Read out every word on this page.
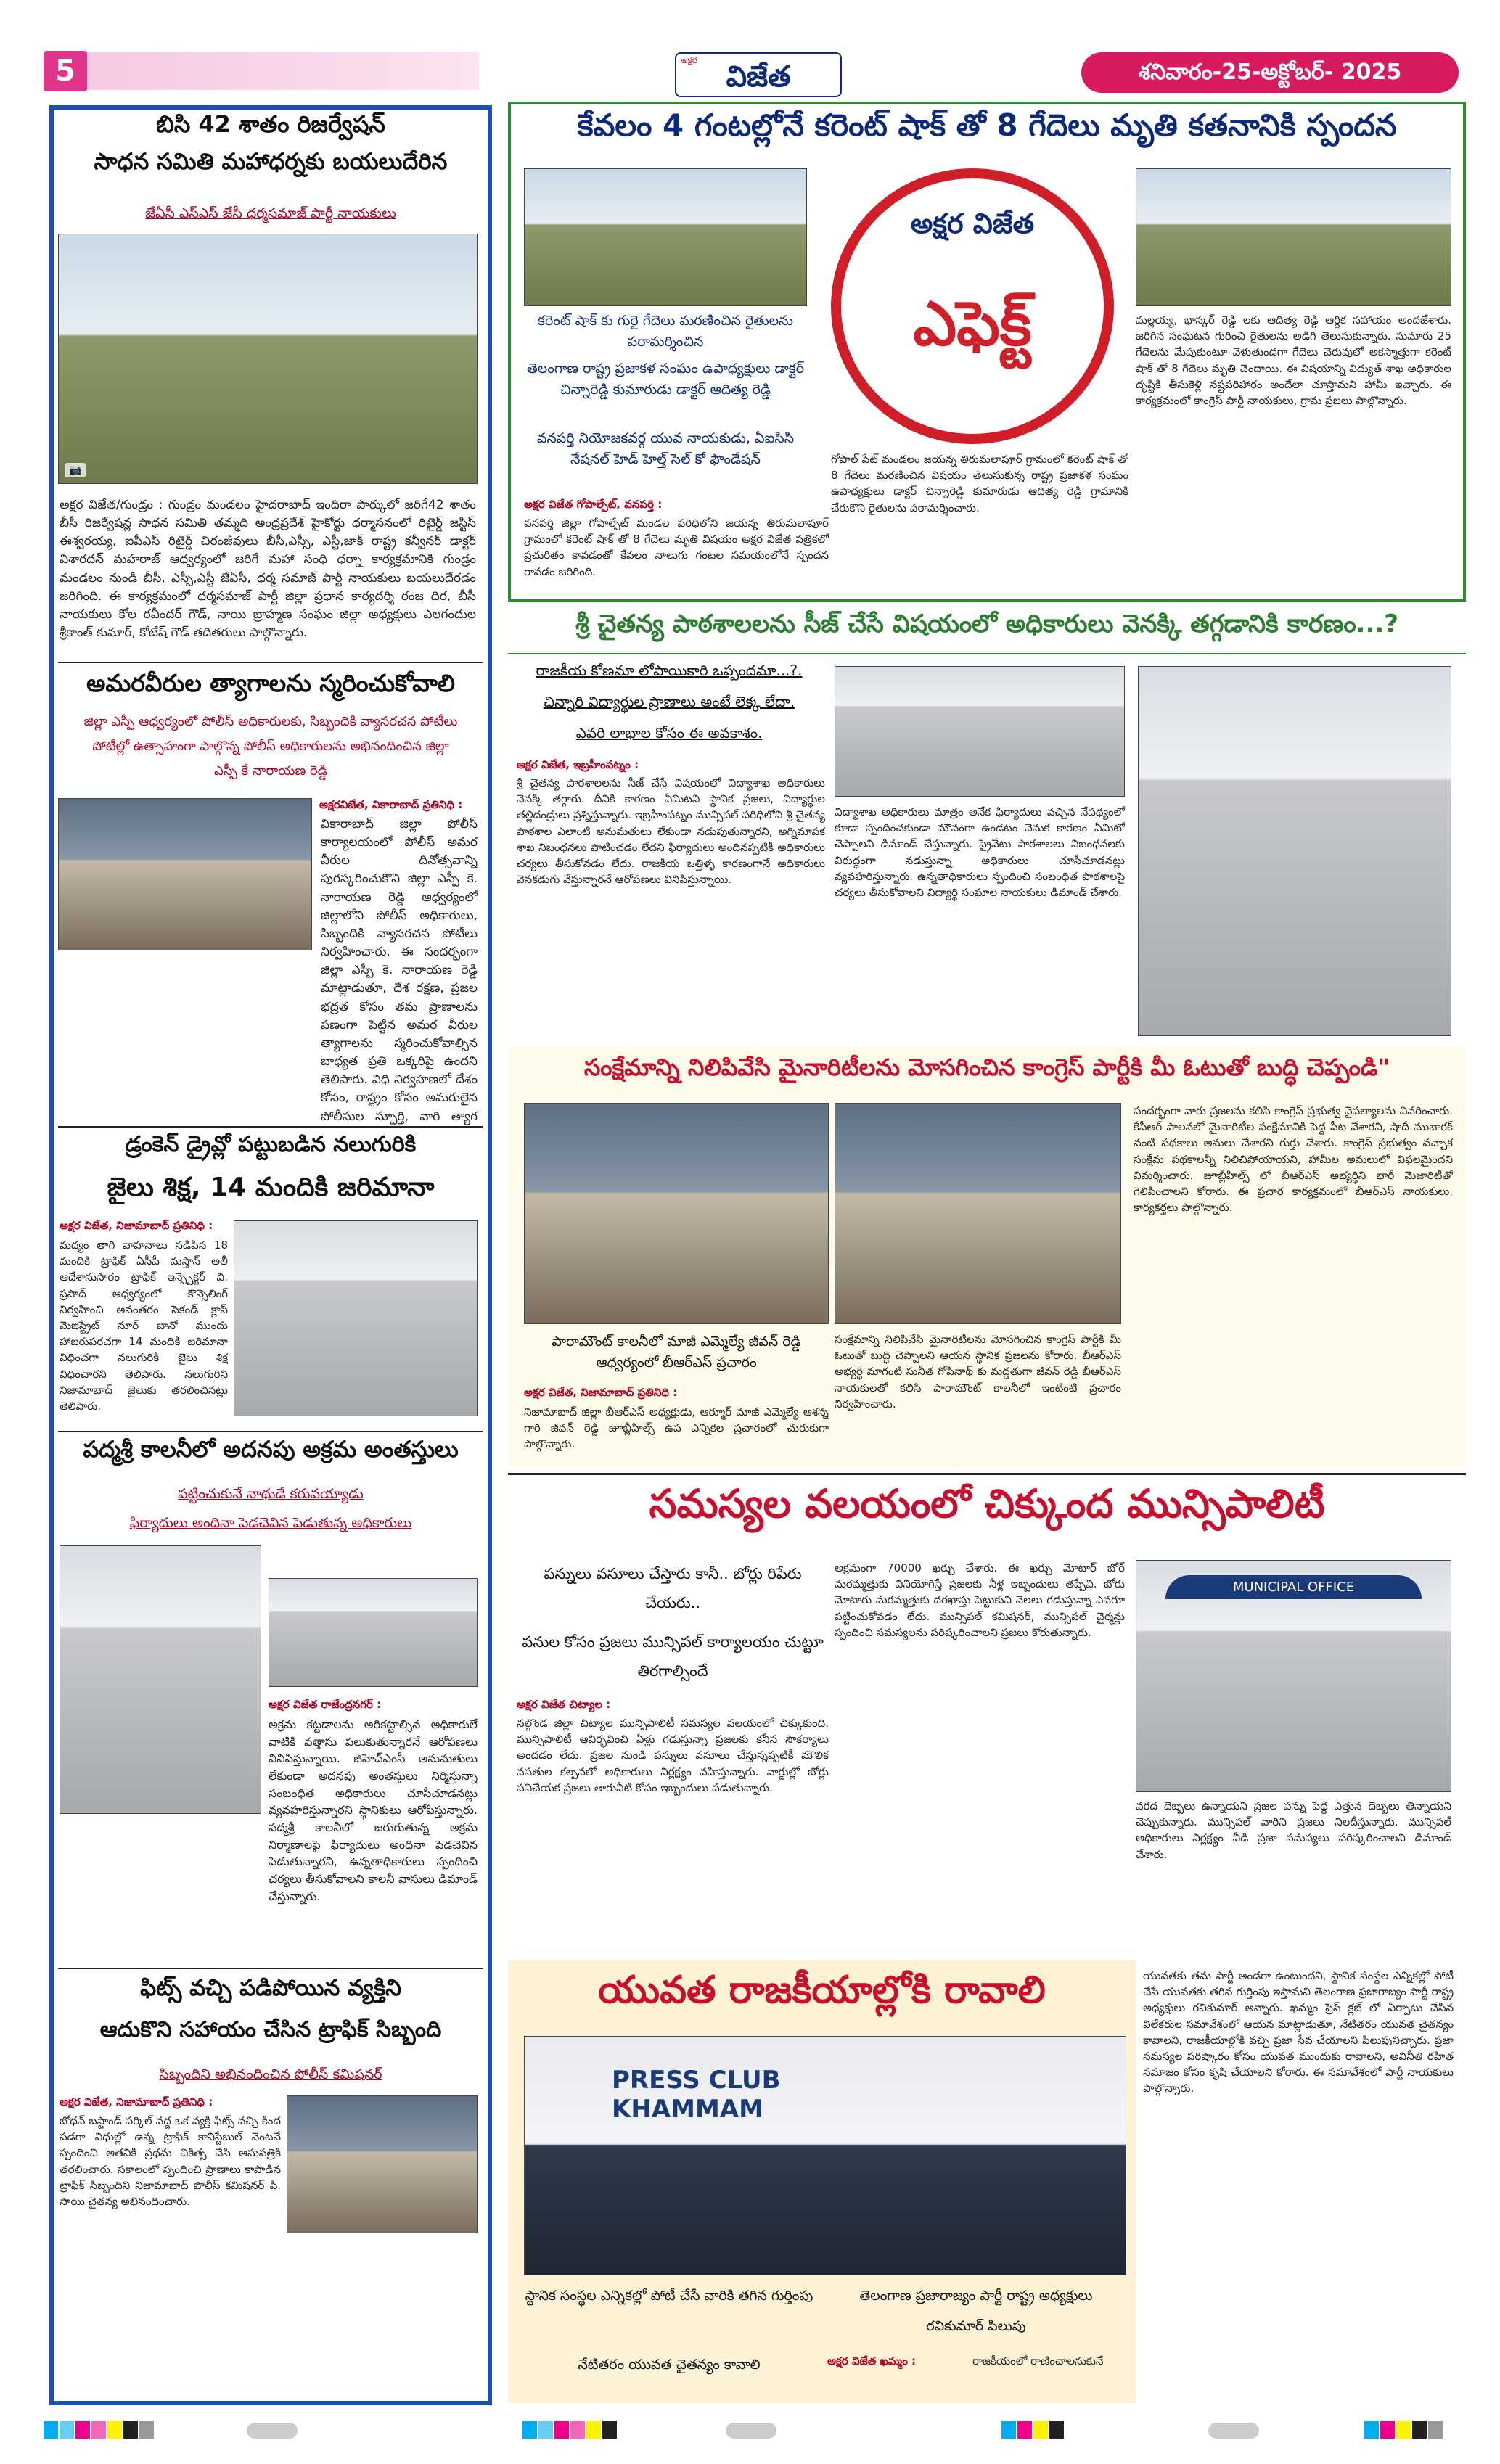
5	అక్షర విజేత	శనివారం-25-అక్టోబర్- 2025
బిసి 42 శాతం రిజర్వేషన్
సాధన సమితి మహాధర్నకు బయలుదేరిన
జేఏసీ ఎస్ఎస్ జేసీ ధర్మసమాజ్ పార్టీ నాయకులు
📷
అక్షర విజేత/గుండ్రం : గుండ్రం మండలం హైదరాబాద్ ఇందిరా పార్కులో జరిగే42 శాతం బీసీ రిజర్వేషన్ల సాధన సమితి తమ్మది అంధ్రప్రదేశ్ హైకోర్టు ధర్మాసనంలో రిటైర్డ్ జస్టిస్ ఈశ్వరయ్య, ఐపీఎస్ రిటైర్డ్ చిరంజీవులు బీసీ,ఎస్సీ, ఎస్టీ,జాక్ రాష్ట్ర కన్వీనర్ డాక్టర్ విశారదన్ మహరాజ్ ఆధ్వర్యంలో జరిగే మహా సంధి ధర్నా కార్యక్రమానికి గుండ్రం మండలం నుండి బీసీ, ఎస్సీ,ఎస్టీ జేఏసీ, ధర్మ సమాజ్ పార్టీ నాయకులు బయలుదేరడం జరిగింది. ఈ కార్యక్రమంలో ధర్మసమాజ్ పార్టీ జిల్లా ప్రధాన కార్యదర్శి రంజ దిర, బీసీ నాయకులు కోల రవీందర్ గౌడ్, నాయి బ్రాహ్మణ సంఘం జిల్లా అధ్యక్షులు ఎలగందుల శ్రీకాంత్ కుమార్, కోటేష్ గౌడ్ తదితరులు పాల్గొన్నారు.
అమరవీరుల త్యాగాలను స్మరించుకోవాలి
జిల్లా ఎస్పీ ఆధ్వర్యంలో పోలీస్ అధికారులకు, సిబ్బందికి వ్యాసరచన పోటీలు
పోటీల్లో ఉత్సాహంగా పాల్గొన్న పోలీస్ అధికారులను అభినందించిన జిల్లా
ఎస్పీ కే నారాయణ రెడ్డి
అక్షరవిజేత, వికారాబాద్ ప్రతినిధి :
వికారాబాద్ జిల్లా పోలీస్ కార్యాలయంలో పోలీస్ అమర వీరుల దినోత్సవాన్ని పురస్కరించుకొని జిల్లా ఎస్పీ కె. నారాయణ రెడ్డి ఆధ్వర్యంలో జిల్లాలోని పోలీస్ అధికారులు, సిబ్బందికి వ్యాసరచన పోటీలు నిర్వహించారు. ఈ సందర్భంగా జిల్లా ఎస్పీ కె. నారాయణ రెడ్డి మాట్లాడుతూ, దేశ రక్షణ, ప్రజల భద్రత కోసం తమ ప్రాణాలను పణంగా పెట్టిన అమర వీరుల త్యాగాలను స్మరించుకోవాల్సిన బాధ్యత ప్రతి ఒక్కరిపై ఉందని తెలిపారు. విధి నిర్వహణలో దేశం కోసం, రాష్ట్రం కోసం అమరులైన పోలీసుల స్ఫూర్తి, వారి త్యాగ
డ్రంకెన్ డ్రైవ్లో పట్టుబడిన నలుగురికి
జైలు శిక్ష, 14 మందికి జరిమానా
అక్షర విజేత, నిజామాబాద్ ప్రతినిధి :
మద్యం తాగి వాహనాలు నడిపిన 18 మందికి ట్రాఫిక్ ఏసీపీ మస్తాన్ అలీ ఆదేశానుసారం ట్రాఫిక్ ఇన్స్పెక్టర్ వి. ప్రసాద్ ఆధ్వర్యంలో కౌన్సెలింగ్ నిర్వహించి అనంతరం సెకండ్ క్లాస్ మెజిస్ట్రేట్ నూర్ బానో ముందు హాజరుపరచగా 14 మందికి జరిమానా విధించగా నలుగురికి జైలు శిక్ష విధించారని తెలిపారు. నలుగురిని నిజామాబాద్ జైలుకు తరలించినట్లు తెలిపారు.
పద్మశ్రీ కాలనీలో అదనపు అక్రమ అంతస్తులు
పట్టించుకునే నాథుడే కరువయ్యాడు
ఫిర్యాదులు అందినా పెడచెవిన పెడుతున్న అధికారులు
అక్షర విజేత రాజేంద్రనగర్ :
అక్రమ కట్టడాలను అరికట్టాల్సిన అధికారులే వాటికి వత్తాసు పలుకుతున్నారనే ఆరోపణలు వినిపిస్తున్నాయి. జిహెచ్ఎంసీ అనుమతులు లేకుండా అదనపు అంతస్తులు నిర్మిస్తున్నా సంబంధిత అధికారులు చూసీచూడనట్లు వ్యవహరిస్తున్నారని స్థానికులు ఆరోపిస్తున్నారు. పద్మశ్రీ కాలనీలో జరుగుతున్న అక్రమ నిర్మాణాలపై ఫిర్యాదులు అందినా పెడచెవిన పెడుతున్నారని, ఉన్నతాధికారులు స్పందించి చర్యలు తీసుకోవాలని కాలనీ వాసులు డిమాండ్ చేస్తున్నారు.
ఫిట్స్ వచ్చి పడిపోయిన వ్యక్తిని
ఆదుకొని సహాయం చేసిన ట్రాఫిక్ సిబ్బంది
సిబ్బందిని అభినందించిన పోలీస్ కమిషనర్
అక్షర విజేత, నిజామాబాద్ ప్రతినిధి :
బోధన్ బస్టాండ్ సర్కిల్ వద్ద ఒక వ్యక్తి ఫిట్స్ వచ్చి కింద పడగా విధుల్లో ఉన్న ట్రాఫిక్ కానిస్టేబుల్ వెంటనే స్పందించి అతనికి ప్రథమ చికిత్స చేసి ఆసుపత్రికి తరలించారు. సకాలంలో స్పందించి ప్రాణాలు కాపాడిన ట్రాఫిక్ సిబ్బందిని నిజామాబాద్ పోలీస్ కమిషనర్ పి. సాయి చైతన్య అభినందించారు.
కేవలం 4 గంటల్లోనే కరెంట్ షాక్ తో 8 గేదెలు మృతి కతనానికి స్పందన
కరెంట్ షాక్ కు గురై గేదెలు మరణించిన రైతులను పరామర్శించిన
తెలంగాణ రాష్ట్ర ప్రజాకళ సంఘం ఉపాధ్యక్షులు డాక్టర్ చిన్నారెడ్డి కుమారుడు డాక్టర్ ఆదిత్య రెడ్డి
వనపర్తి నియోజకవర్గ యువ నాయకుడు, ఏఐసిసి నేషనల్ హెడ్ హెల్త్ సెల్ కో ఫౌండేషన్
అక్షర విజేత
ఎఫెక్ట్	మల్లయ్య, భాస్కర్ రెడ్డి లకు ఆదిత్య రెడ్డి ఆర్థిక సహాయం అందజేశారు. జరిగిన సంఘటన గురించి రైతులను అడిగి తెలుసుకున్నారు. సుమారు 25 గేదెలను మేపుకుంటూ వెళుతుండగా గేదెలు చెరువులో అకస్మాత్తుగా కరెంట్ షాక్ తో 8 గేదెలు మృతి చెందాయి. ఈ విషయాన్ని విద్యుత్ శాఖ అధికారుల దృష్టికి తీసుకెళ్లి నష్టపరిహారం అందేలా చూస్తామని హామీ ఇచ్చారు. ఈ కార్యక్రమంలో కాంగ్రెస్ పార్టీ నాయకులు, గ్రామ ప్రజలు పాల్గొన్నారు.
అక్షర విజేత గోపాల్పేట్, వనపర్తి :
వనపర్తి జిల్లా గోపాల్పేట్ మండల పరిధిలోని జయన్న తిరుమలాపూర్ గ్రామంలో కరెంట్ షాక్ తో 8 గేదెలు మృతి విషయం అక్షర విజేత పత్రికలో ప్రచురితం కావడంతో కేవలం నాలుగు గంటల సమయంలోనే స్పందన రావడం జరిగింది.
గోపాల్ పేట్ మండలం జయన్న తిరుమలాపూర్ గ్రామంలో కరెంట్ షాక్ తో 8 గేదెలు మరణించిన విషయం తెలుసుకున్న రాష్ట్ర ప్రజాకళ సంఘం ఉపాధ్యక్షులు డాక్టర్ చిన్నారెడ్డి కుమారుడు ఆదిత్య రెడ్డి గ్రామానికి చేరుకొని రైతులను పరామర్శించారు.
శ్రీ చైతన్య పాఠశాలలను సీజ్ చేసే విషయంలో అధికారులు వెనక్కి తగ్గడానికి కారణం...?
రాజకీయ కోణమా లోపాయికారి ఒప్పందమా...?.
చిన్నారి విద్యార్థుల ప్రాణాలు అంటే లెక్క లేదా.
ఎవరి లాభాల కోసం ఈ అవకాశం.
అక్షర విజేత, ఇబ్రహీంపట్నం :
శ్రీ చైతన్య పాఠశాలలను సీజ్ చేసే విషయంలో విద్యాశాఖ అధికారులు వెనక్కి తగ్గారు. దీనికి కారణం ఏమిటని స్థానిక ప్రజలు, విద్యార్థుల తల్లిదండ్రులు ప్రశ్నిస్తున్నారు. ఇబ్రహీంపట్నం మున్సిపల్ పరిధిలోని శ్రీ చైతన్య పాఠశాల ఎలాంటి అనుమతులు లేకుండా నడుపుతున్నారని, అగ్నిమాపక శాఖ నిబంధనలు పాటించడం లేదని ఫిర్యాదులు అందినప్పటికీ అధికారులు చర్యలు తీసుకోవడం లేదు. రాజకీయ ఒత్తిళ్ళ కారణంగానే అధికారులు వెనకడుగు వేస్తున్నారనే ఆరోపణలు వినిపిస్తున్నాయి.
విద్యాశాఖ అధికారులు మాత్రం అనేక ఫిర్యాదులు వచ్చిన నేపథ్యంలో కూడా స్పందించకుండా మౌనంగా ఉండటం వెనుక కారణం ఏమిటో చెప్పాలని డిమాండ్ చేస్తున్నారు. ప్రైవేటు పాఠశాలలు నిబంధనలకు విరుద్ధంగా నడుస్తున్నా అధికారులు చూసీచూడనట్లు వ్యవహరిస్తున్నారు. ఉన్నతాధికారులు స్పందించి సంబంధిత పాఠశాలపై చర్యలు తీసుకోవాలని విద్యార్థి సంఘాల నాయకులు డిమాండ్ చేశారు.
సంక్షేమాన్ని నిలిపివేసి మైనారిటీలను మోసగించిన కాంగ్రెస్ పార్టీకి మీ ఓటుతో బుద్ధి చెప్పండి"
పారామౌంట్ కాలనీలో మాజీ ఎమ్మెల్యే జీవన్ రెడ్డి ఆధ్వర్యంలో బీఆర్ఎస్ ప్రచారం
అక్షర విజేత, నిజామాబాద్ ప్రతినిధి :
నిజామాబాద్ జిల్లా బీఆర్ఎస్ అధ్యక్షుడు, ఆర్మూర్ మాజీ ఎమ్మెల్యే ఆశన్న గారి జీవన్ రెడ్డి జూబ్లీహిల్స్ ఉప ఎన్నికల ప్రచారంలో చురుకుగా పాల్గొన్నారు.
సంక్షేమాన్ని నిలిపివేసి మైనారిటీలను మోసగించిన కాంగ్రెస్ పార్టీకి మీ ఓటుతో బుద్ధి చెప్పాలని ఆయన స్థానిక ప్రజలను కోరారు. బీఆర్ఎస్ అభ్యర్థి మాగంటి సునీత గోపీనాథ్ కు మద్దతుగా జీవన్ రెడ్డి బీఆర్ఎస్ నాయకులతో కలిసి పారామౌంట్ కాలనీలో ఇంటింటి ప్రచారం నిర్వహించారు.
సందర్భంగా వారు ప్రజలను కలిసి కాంగ్రెస్ ప్రభుత్వ వైఫల్యాలను వివరించారు. కేసీఆర్ పాలనలో మైనారిటీల సంక్షేమానికి పెద్ద పీట వేశారని, షాదీ ముబారక్ వంటి పథకాలు అమలు చేశారని గుర్తు చేశారు. కాంగ్రెస్ ప్రభుత్వం వచ్చాక సంక్షేమ పథకాలన్నీ నిలిచిపోయాయని, హామీల అమలులో విఫలమైందని విమర్శించారు. జూబ్లీహిల్స్ లో బీఆర్ఎస్ అభ్యర్థిని భారీ మెజారిటీతో గెలిపించాలని కోరారు. ఈ ప్రచార కార్యక్రమంలో బీఆర్ఎస్ నాయకులు, కార్యకర్తలు పాల్గొన్నారు.
సమస్యల వలయంలో చిక్కుంద మున్సిపాలిటీ
పన్నులు వసూలు చేస్తారు కానీ.. బోర్లు రిపేరు చేయరు..
పనుల కోసం ప్రజలు మున్సిపల్ కార్యాలయం చుట్టూ తిరగాల్సిందే
అక్షర విజేత చిట్యాల :
నల్గొండ జిల్లా చిట్యాల మున్సిపాలిటీ సమస్యల వలయంలో చిక్కుకుంది. మున్సిపాలిటీ ఆవిర్భవించి ఏళ్లు గడుస్తున్నా ప్రజలకు కనీస సౌకర్యాలు అందడం లేదు. ప్రజల నుండి పన్నులు వసూలు చేస్తున్నప్పటికీ మౌలిక వసతుల కల్పనలో అధికారులు నిర్లక్ష్యం వహిస్తున్నారు. వార్డుల్లో బోర్లు పనిచేయక ప్రజలు తాగునీటి కోసం ఇబ్బందులు పడుతున్నారు.
అక్రమంగా 70000 ఖర్చు చేశారు. ఈ ఖర్చు మోటార్ బోర్ మరమ్మత్తుకు వినియోగిస్తే ప్రజలకు నీళ్ల ఇబ్బందులు తప్పేవి. బోరు మోటారు మరమ్మత్తుకు దరఖాస్తు పెట్టుకుని నెలలు గడుస్తున్నా ఎవరూ పట్టించుకోవడం లేదు. మున్సిపల్ కమిషనర్, మున్సిపల్ చైర్మన్లు స్పందించి సమస్యలను పరిష్కరించాలని ప్రజలు కోరుతున్నారు.
MUNICIPAL OFFICE
వరద దెబ్బలు ఉన్నాయని ప్రజల పన్ను పెద్ద ఎత్తున దెబ్బలు తిన్నాయని చెప్పుకున్నారు. మున్సిపల్ వారిని ప్రజలు నిలదీస్తున్నారు. మున్సిపల్ అధికారులు నిర్లక్ష్యం వీడి ప్రజా సమస్యలు పరిష్కరించాలని డిమాండ్ చేశారు.
యువత రాజకీయాల్లోకి రావాలి
PRESS CLUB KHAMMAM
స్థానిక సంస్థల ఎన్నికల్లో పోటీ చేసే వారికి తగిన గుర్తింపు
నేటితరం యువత చైతన్యం కావాలి
తెలంగాణ ప్రజారాజ్యం పార్టీ రాష్ట్ర అధ్యక్షులు
రవికుమార్ పిలుపు
అక్షర విజేత ఖమ్మం :	రాజకీయంలో రాణించాలనుకునే
యువతకు తమ పార్టీ అండగా ఉంటుందని, స్థానిక సంస్థల ఎన్నికల్లో పోటీ చేసే యువతకు తగిన గుర్తింపు ఇస్తామని తెలంగాణ ప్రజారాజ్యం పార్టీ రాష్ట్ర అధ్యక్షులు రవికుమార్ అన్నారు. ఖమ్మం ప్రెస్ క్లబ్ లో ఏర్పాటు చేసిన విలేకరుల సమావేశంలో ఆయన మాట్లాడుతూ, నేటితరం యువత చైతన్యం కావాలని, రాజకీయాల్లోకి వచ్చి ప్రజా సేవ చేయాలని పిలుపునిచ్చారు. ప్రజా సమస్యల పరిష్కారం కోసం యువత ముందుకు రావాలని, అవినీతి రహిత సమాజం కోసం కృషి చేయాలని కోరారు. ఈ సమావేశంలో పార్టీ నాయకులు పాల్గొన్నారు.
